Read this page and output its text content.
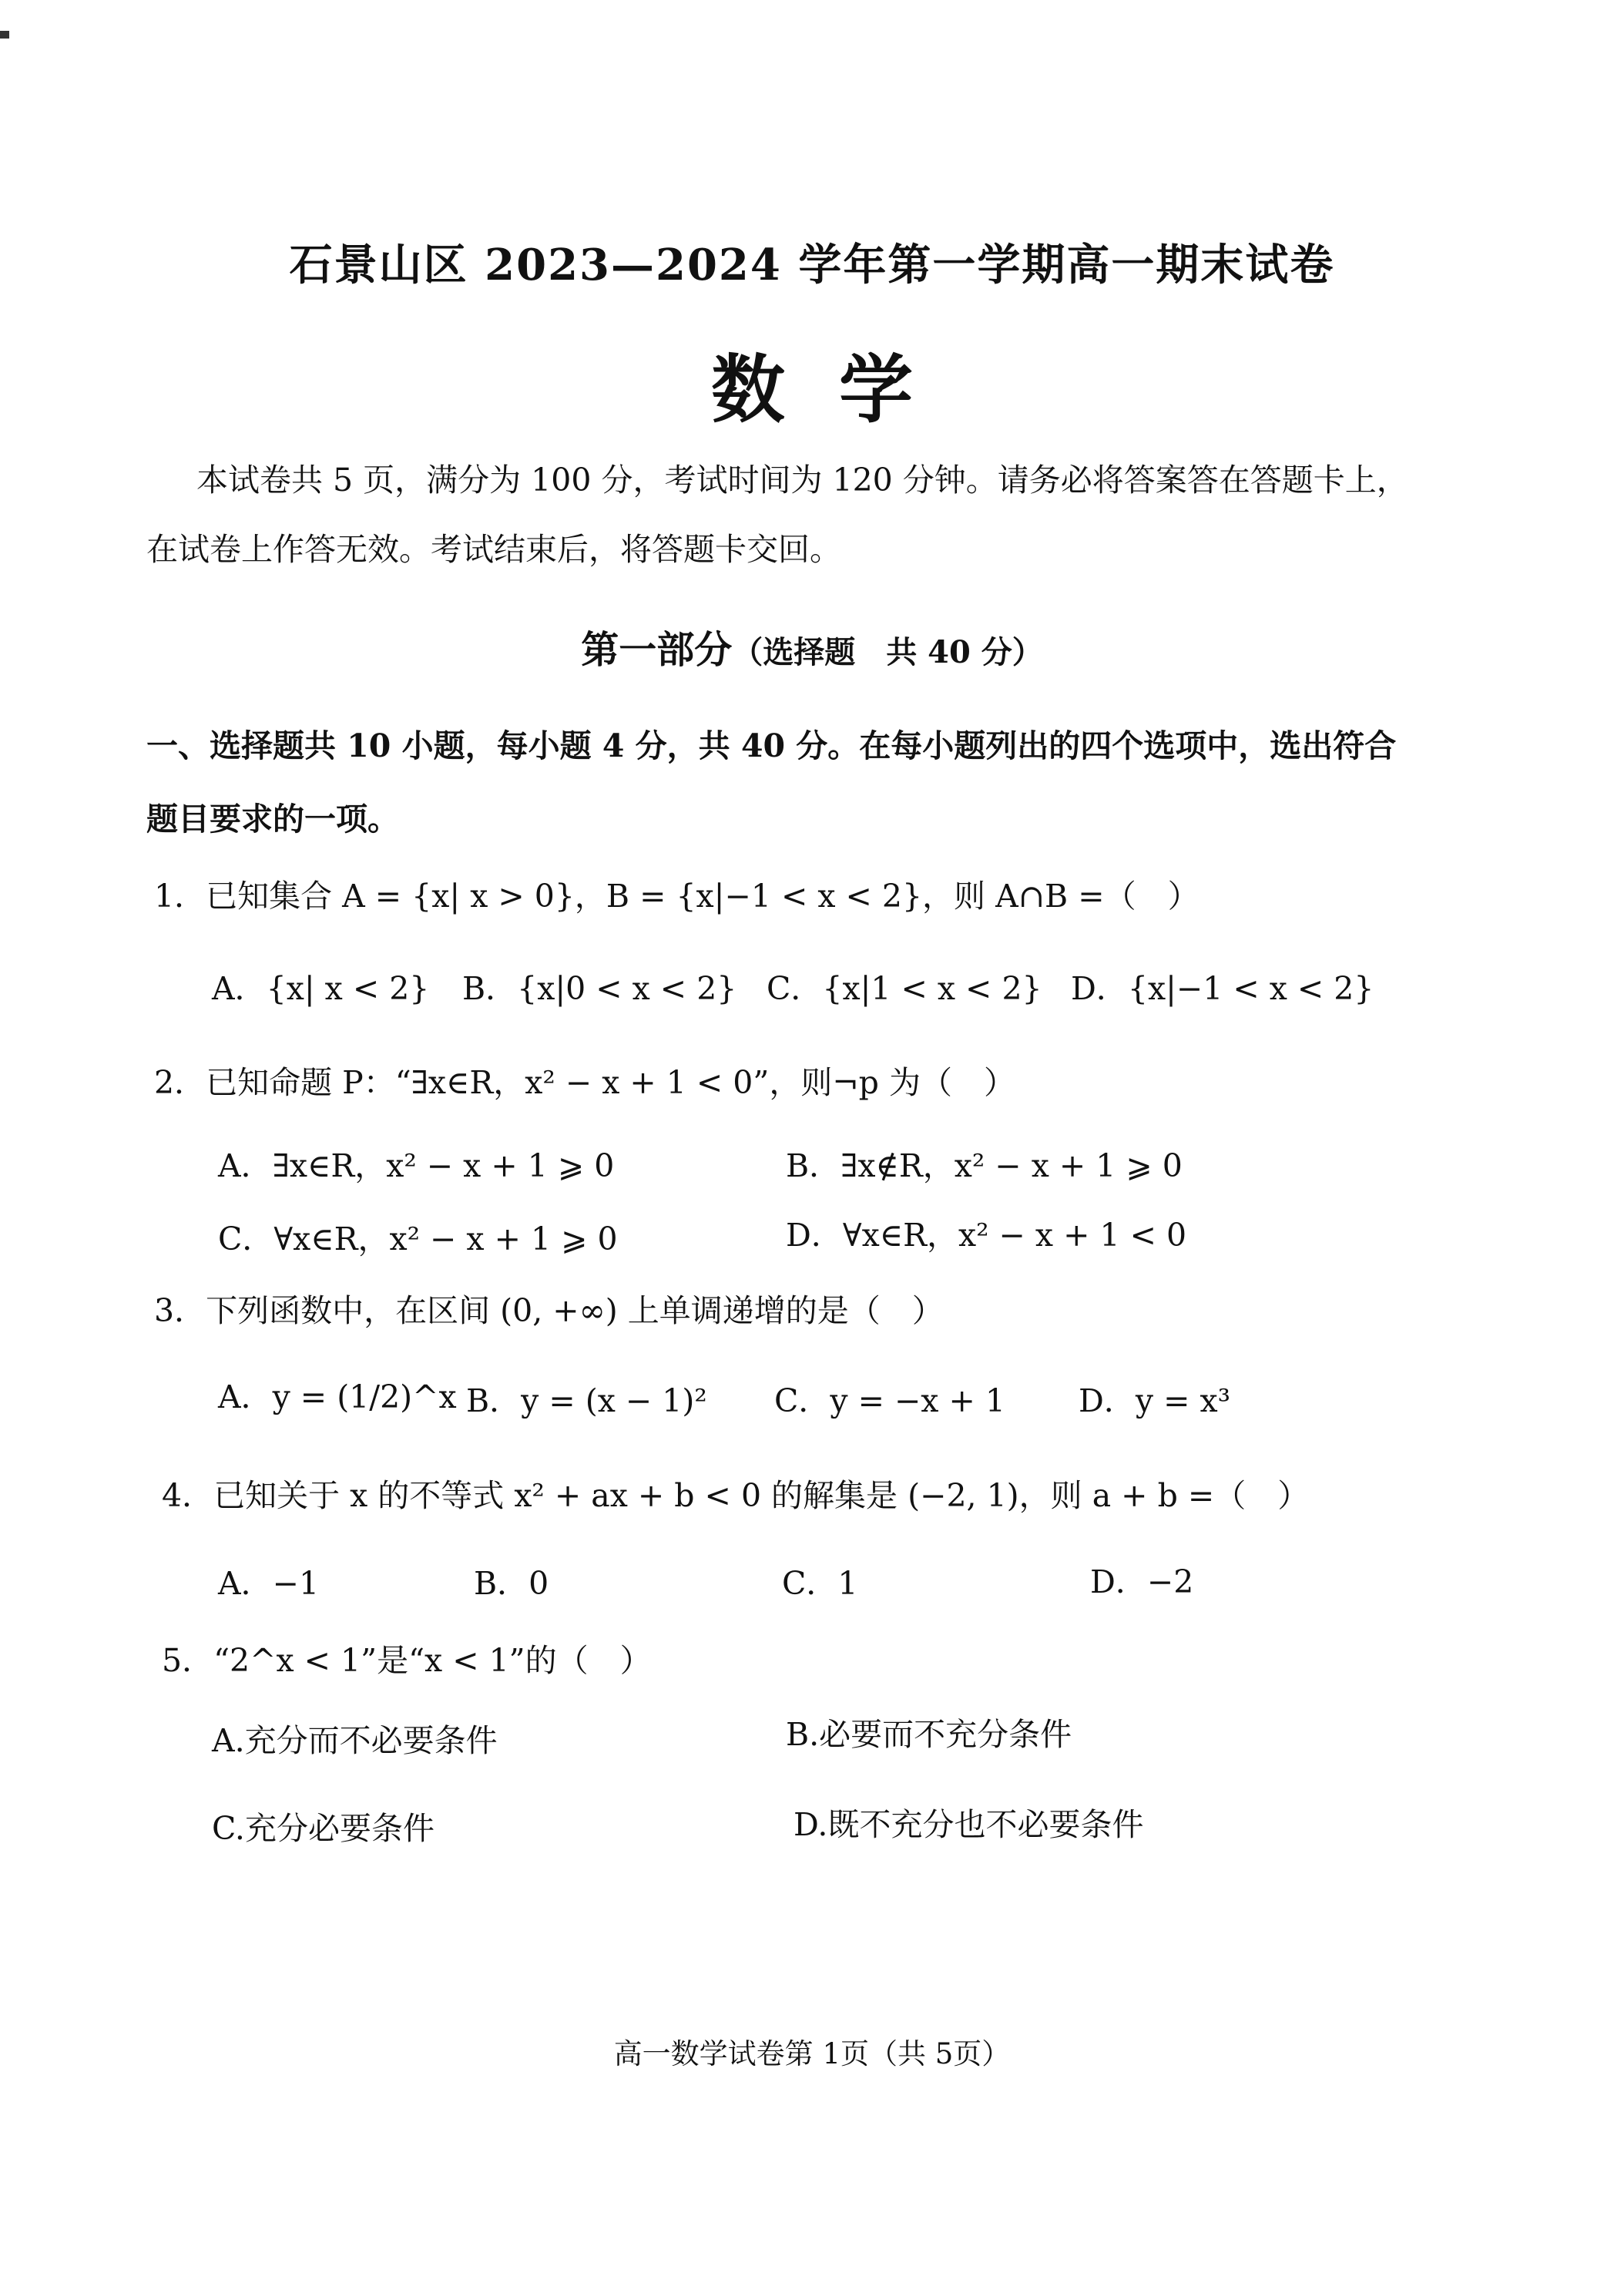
石景山区 2023—2024 学年第一学期高一期末试卷
数学
本试卷共 5 页，满分为 100 分，考试时间为 120 分钟。请务必将答案答在答题卡上，
在试卷上作答无效。考试结束后，将答题卡交回。
第一部分（选择题　共 40 分）
一、选择题共 10 小题，每小题 4 分，共 40 分。在每小题列出的四个选项中，选出符合
题目要求的一项。
1．已知集合 A = {x| x > 0}，B = {x|−1 < x < 2}，则 A∩B =（　）
A．{x| x < 2} B．{x|0 < x < 2} C．{x|1 < x < 2} D．{x|−1 < x < 2}
2．已知命题 P：“∃x∈R，x² − x + 1 < 0”，则¬p 为（　）
A．∃x∈R，x² − x + 1 ⩾ 0	B．∃x∉R，x² − x + 1 ⩾ 0
C．∀x∈R，x² − x + 1 ⩾ 0	D．∀x∈R，x² − x + 1 < 0
3．下列函数中，在区间 (0, +∞) 上单调递增的是（　）
A．y = (1/2)^x B．y = (x − 1)² C．y = −x + 1 D．y = x³
4．已知关于 x 的不等式 x² + ax + b < 0 的解集是 (−2, 1)，则 a + b =（　）
A．−1	B．0	C．1	D．−2
5．“2^x < 1”是“x < 1”的（　）
A.充分而不必要条件	B.必要而不充分条件
C.充分必要条件	D.既不充分也不必要条件
高一数学试卷第 1页（共 5页）
